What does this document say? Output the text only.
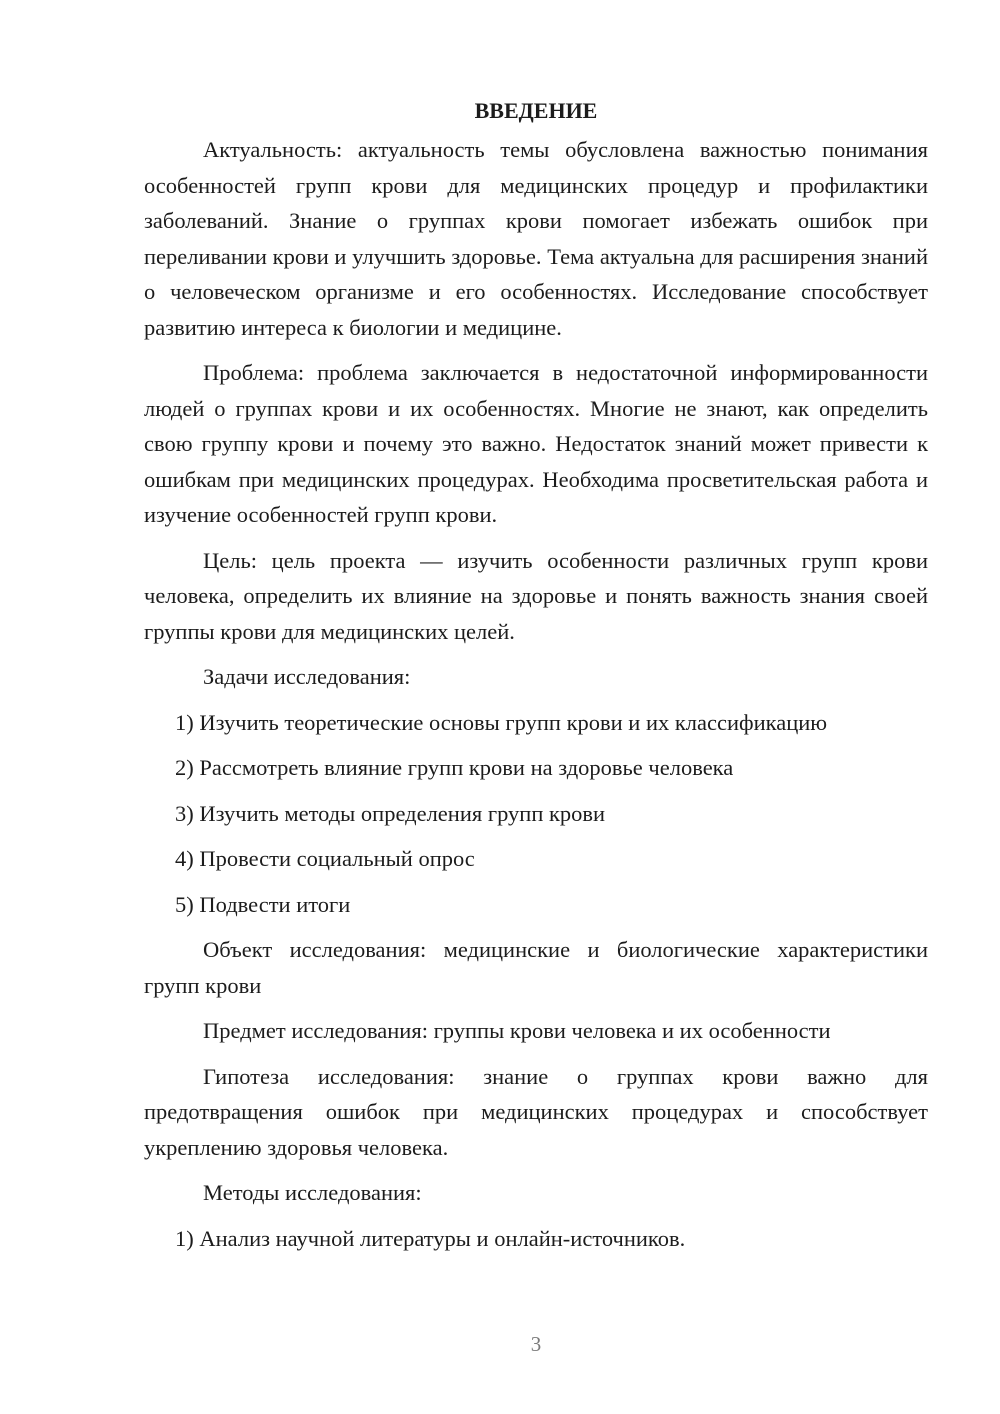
ВВЕДЕНИЕ

Актуальность: актуальность темы обусловлена важностью понимания особенностей групп крови для медицинских процедур и профилактики заболеваний. Знание о группах крови помогает избежать ошибок при переливании крови и улучшить здоровье. Тема актуальна для расширения знаний о человеческом организме и его особенностях. Исследование способствует развитию интереса к биологии и медицине.

Проблема: проблема заключается в недостаточной информированности людей о группах крови и их особенностях. Многие не знают, как определить свою группу крови и почему это важно. Недостаток знаний может привести к ошибкам при медицинских процедурах. Необходима просветительская работа и изучение особенностей групп крови.

Цель: цель проекта — изучить особенности различных групп крови человека, определить их влияние на здоровье и понять важность знания своей группы крови для медицинских целей.

Задачи исследования:
1) Изучить теоретические основы групп крови и их классификацию
2) Рассмотреть влияние групп крови на здоровье человека
3) Изучить методы определения групп крови
4) Провести социальный опрос
5) Подвести итоги

Объект исследования: медицинские и биологические характеристики групп крови

Предмет исследования: группы крови человека и их особенности

Гипотеза исследования: знание о группах крови важно для предотвращения ошибок при медицинских процедурах и способствует укреплению здоровья человека.

Методы исследования:
1) Анализ научной литературы и онлайн-источников.
3
